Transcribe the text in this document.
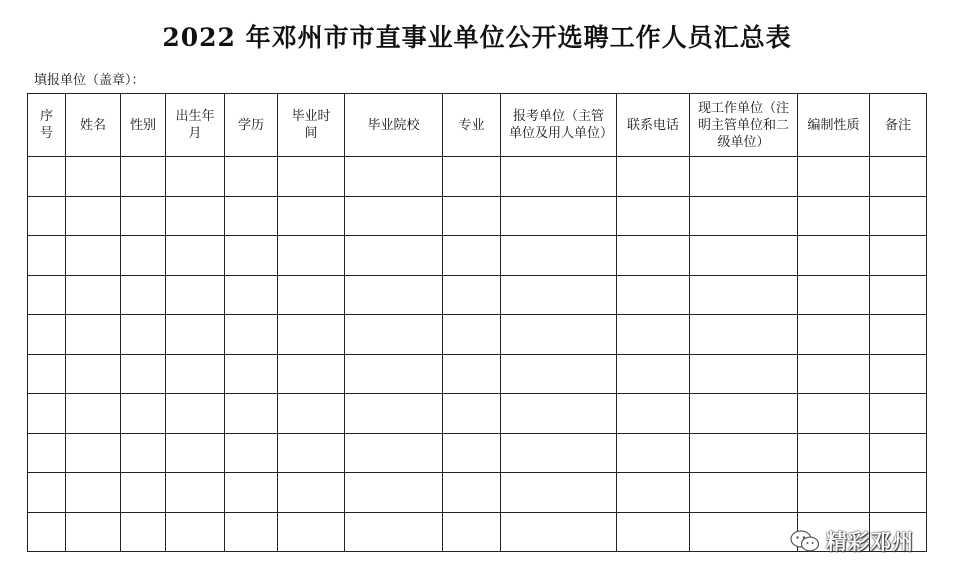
2022 年邓州市市直事业单位公开选聘工作人员汇总表
填报单位（盖章）：
序号	姓名	性别	出生年月	学历	毕业时间	毕业院校	专业	报考单位（主管单位及用人单位）	联系电话	现工作单位（注明主管单位和二级单位）	编制性质	备注

精彩邓州
